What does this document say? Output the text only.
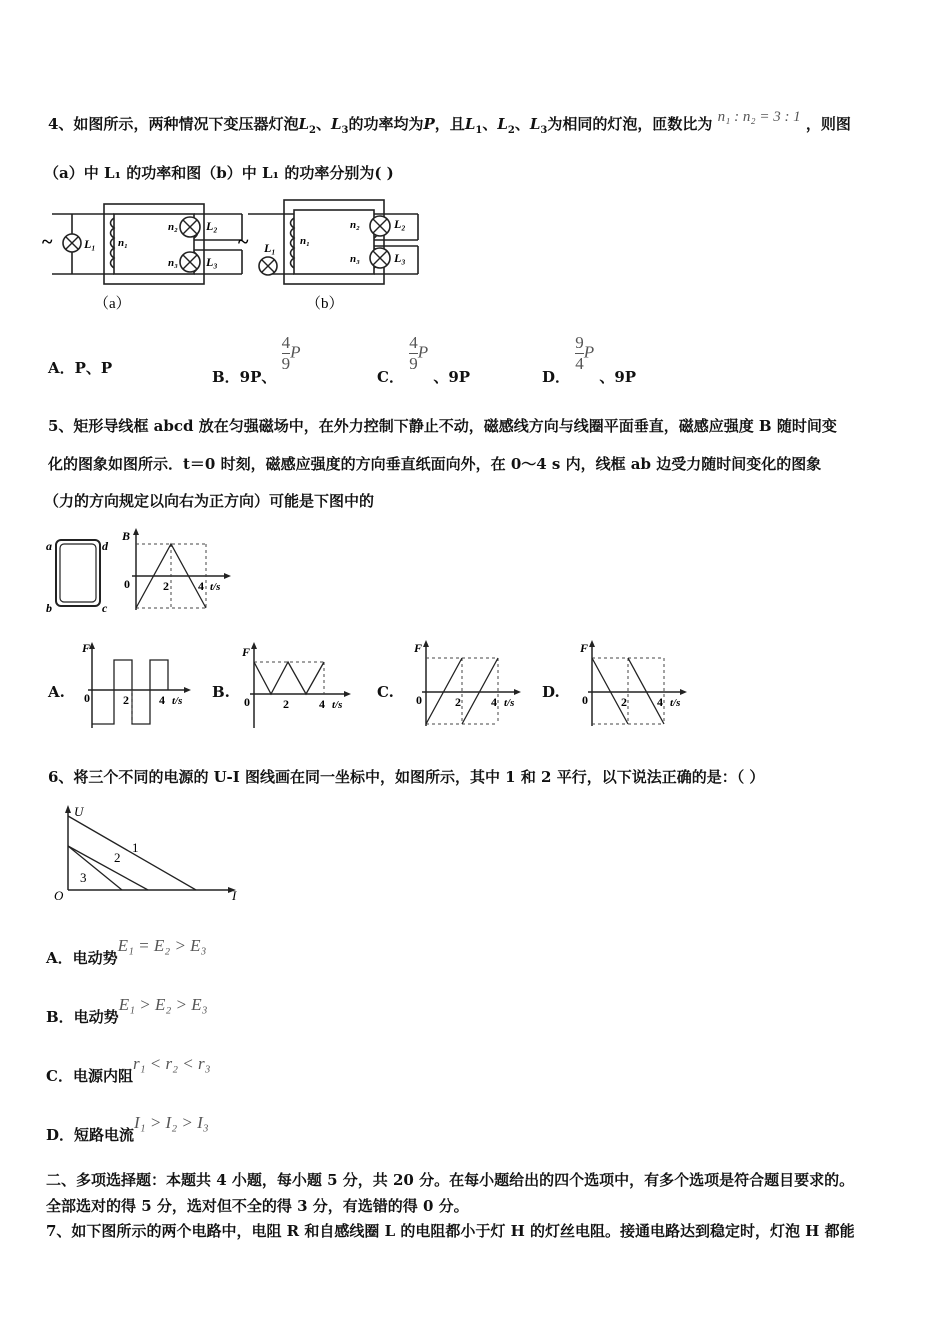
4、如图所示，两种情况下变压器灯泡$L_2$、$L_3$的功率均为P，且$L_1$、$L_2$、$L_3$为相同的灯泡，匝数比为 n₁ : n₂ = 3 : 1 ，则图
（a）中 L₁ 的功率和图（b）中 L₁ 的功率分别为( )
~	L₁ n₁
n₂
n₃
L₂
L₃
（a）
~ L₁ n₁
n₂
n₃
L₂
L₃
（b）
A．P、P	B．9P、 $\frac{4}{9}P$
C． $\frac{4}{9}P$ 、9P	D． $\frac{9}{4}P$ 、9P
5、矩形导线框 abcd 放在匀强磁场中，在外力控制下静止不动，磁感线方向与线圈平面垂直，磁感应强度 B 随时间变
化的图象如图所示．t＝0 时刻，磁感应强度的方向垂直纸面向外，在 0～4 s 内，线框 ab 边受力随时间变化的图象
（力的方向规定以向右为正方向）可能是下图中的
a	d
b	c
B
0	2 4 t/s
A.
F
0	2	4 t/s B.
F
0	2	4 t/s
C.
F
0	2	4 t/s
D.
F
0	2	4 t/s
6、将三个不同的电源的 U-I 图线画在同一坐标中，如图所示，其中 1 和 2 平行，以下说法正确的是：（ ）
U
O	I
1
2
3
A．电动势E₁ = E₂ > E₃
B．电动势E₁ > E₂ > E₃
C．电源内阻r₁ < r₂ < r₃
D．短路电流I₁ > I₂ > I₃
二、多项选择题：本题共 4 小题，每小题 5 分，共 20 分。在每小题给出的四个选项中，有多个选项是符合题目要求的。
全部选对的得 5 分，选对但不全的得 3 分，有选错的得 0 分。
7、如下图所示的两个电路中，电阻 R 和自感线圈 L 的电阻都小于灯 H 的灯丝电阻。接通电路达到稳定时，灯泡 H 都能
